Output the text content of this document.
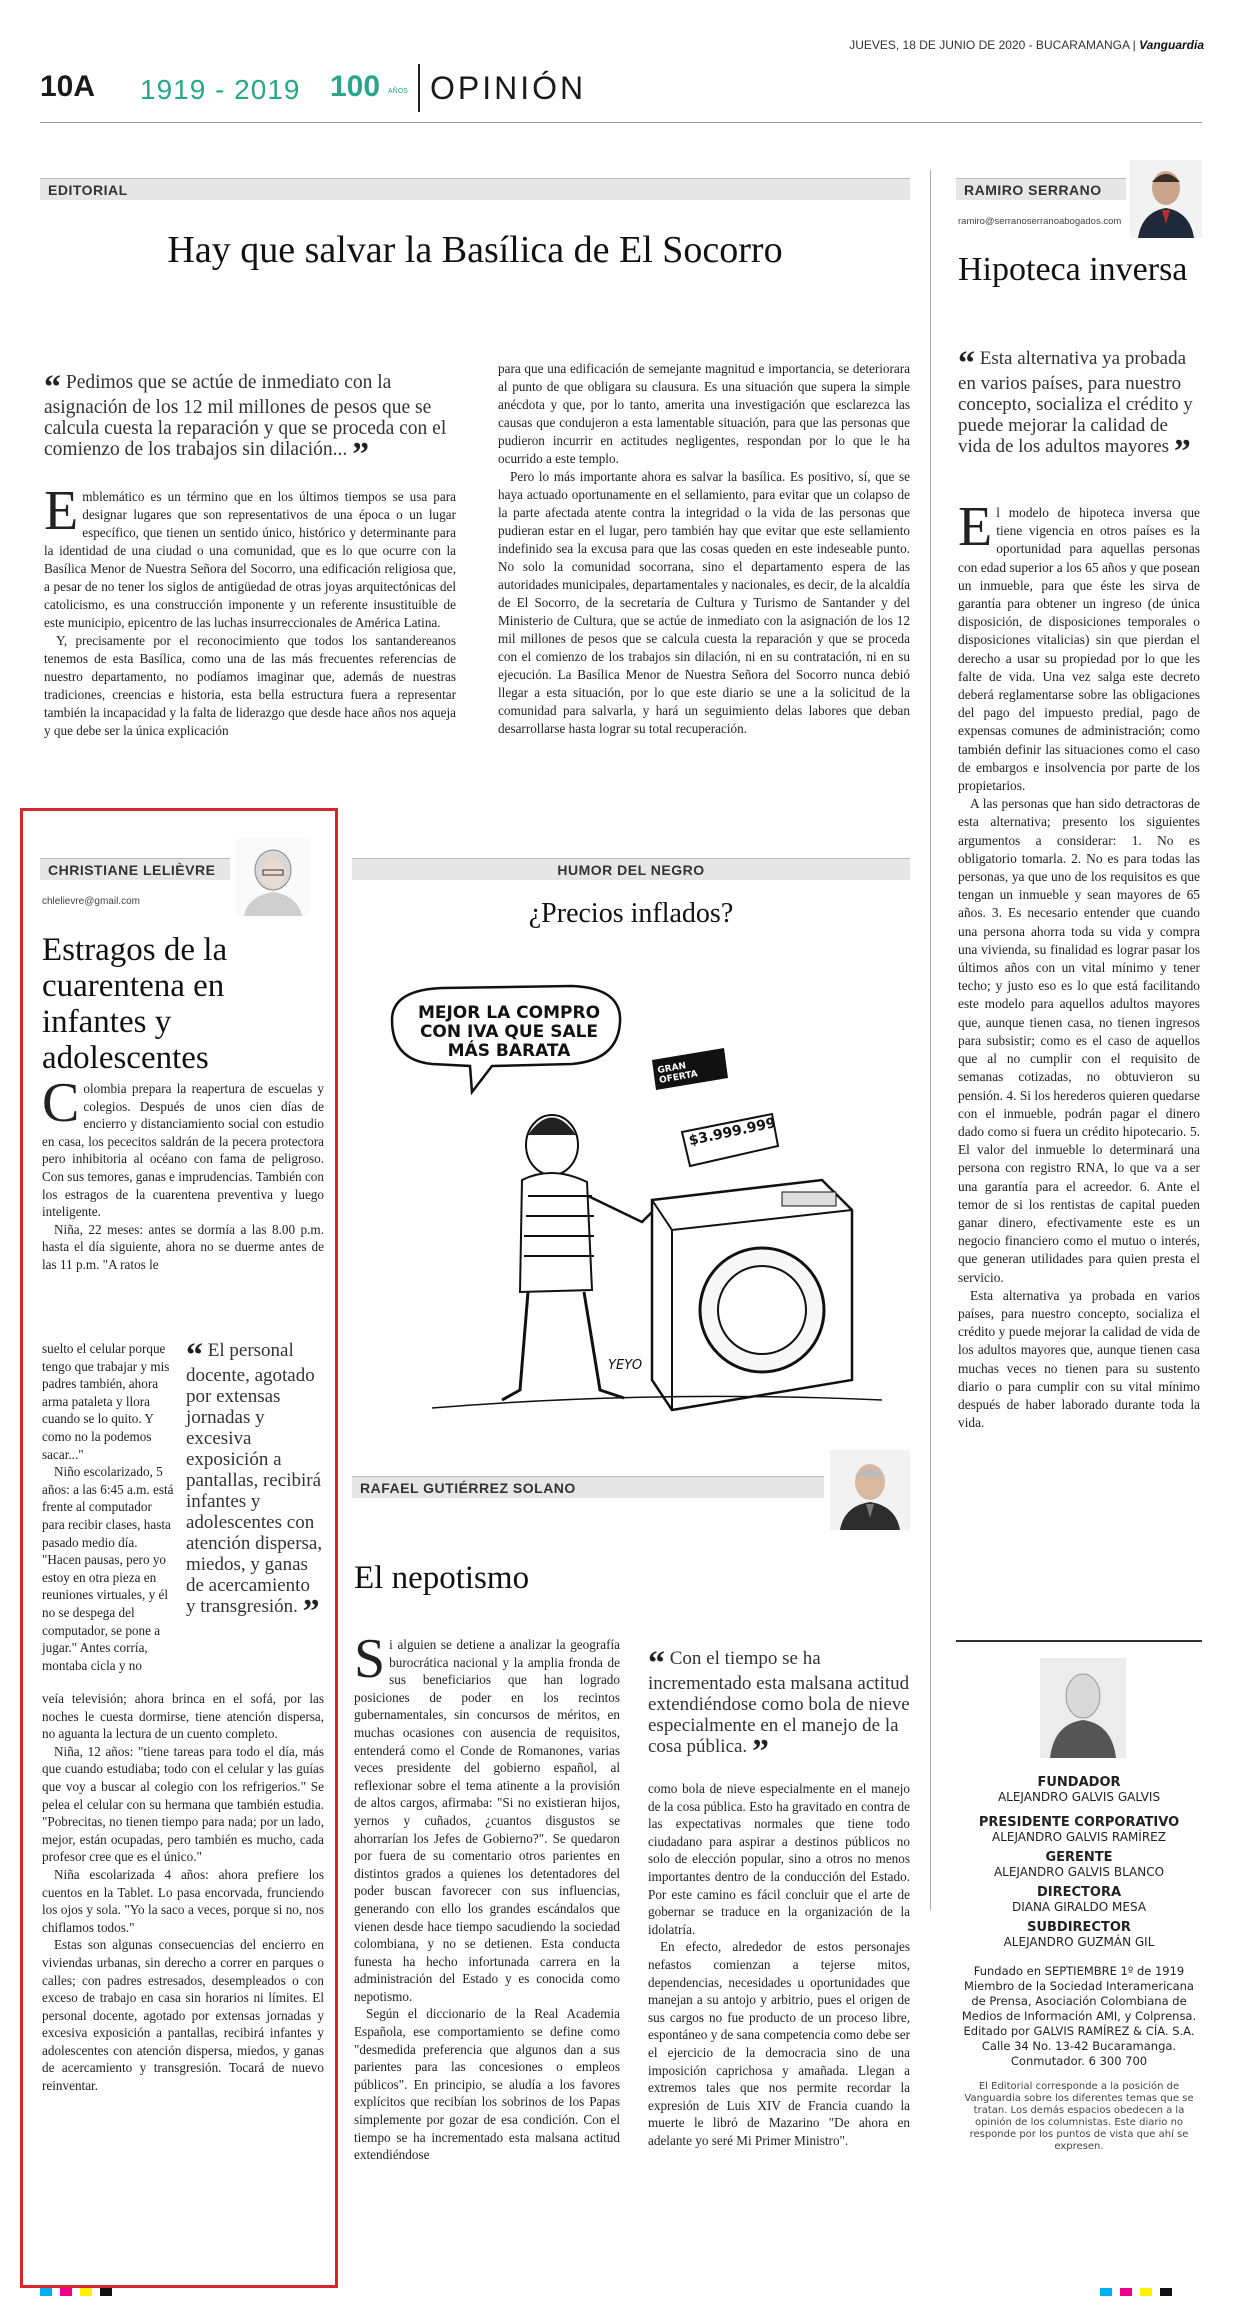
JUEVES, 18 DE JUNIO DE 2020 - BUCARAMANGA | Vanguardia
10A 1919 - 2019 100 AÑOS OPINIÓN
EDITORIAL
Hay que salvar la Basílica de El Socorro
“ Pedimos que se actúe de inmediato con la asignación de los 12 mil millones de pesos que se calcula cuesta la reparación y que se proceda con el comienzo de los trabajos sin dilación... ”

Emblemático es un término que en los últimos tiempos se usa para designar lugares que son representativos de una época o un lugar específico, que tienen un sentido único, histórico y determinante para la identidad de una ciudad o una comunidad, que es lo que ocurre con la Basílica Menor de Nuestra Señora del Socorro, una edificación religiosa que, a pesar de no tener los siglos de antigüedad de otras joyas arquitectónicas del catolicismo, es una construcción imponente y un referente insustituible de este municipio, epicentro de las luchas insurreccionales de América Latina.

Y, precisamente por el reconocimiento que todos los santandereanos tenemos de esta Basílica, como una de las más frecuentes referencias de nuestro departamento, no podíamos imaginar que, además de nuestras tradiciones, creencias e historia, esta bella estructura fuera a representar también la incapacidad y la falta de liderazgo que desde hace años nos aqueja y que debe ser la única explicación

para que una edificación de semejante magnitud e importancia, se deteriorara al punto de que obligara su clausura. Es una situación que supera la simple anécdota y que, por lo tanto, amerita una investigación que esclarezca las causas que condujeron a esta lamentable situación, para que las personas que pudieron incurrir en actitudes negligentes, respondan por lo que le ha ocurrido a este templo.

Pero lo más importante ahora es salvar la basílica. Es positivo, sí, que se haya actuado oportunamente en el sellamiento, para evitar que un colapso de la parte afectada atente contra la integridad o la vida de las personas que pudieran estar en el lugar, pero también hay que evitar que este sellamiento indefinido sea la excusa para que las cosas queden en este indeseable punto. No solo la comunidad socorrana, sino el departamento espera de las autoridades municipales, departamentales y nacionales, es decir, de la alcaldía de El Socorro, de la secretaría de Cultura y Turismo de Santander y del Ministerio de Cultura, que se actúe de inmediato con la asignación de los 12 mil millones de pesos que se calcula cuesta la reparación y que se proceda con el comienzo de los trabajos sin dilación, ni en su contratación, ni en su ejecución. La Basílica Menor de Nuestra Señora del Socorro nunca debió llegar a esta situación, por lo que este diario se une a la solicitud de la comunidad para salvarla, y hará un seguimiento delas labores que deban desarrollarse hasta lograr su total recuperación.

RAMIRO SERRANO
ramiro@serranoserranoabogados.com
Hipoteca inversa
“ Esta alternativa ya probada en varios países, para nuestro concepto, socializa el crédito y puede mejorar la calidad de vida de los adultos mayores ”

El modelo de hipoteca inversa que tiene vigencia en otros países es la oportunidad para aquellas personas con edad superior a los 65 años y que posean un inmueble, para que éste les sirva de garantía para obtener un ingreso (de única disposición, de disposiciones temporales o disposiciones vitalicias) sin que pierdan el derecho a usar su propiedad por lo que les falte de vida. Una vez salga este decreto deberá reglamentarse sobre las obligaciones del pago del impuesto predial, pago de expensas comunes de administración; como también definir las situaciones como el caso de embargos e insolvencia por parte de los propietarios.

A las personas que han sido detractoras de esta alternativa; presento los siguientes argumentos a considerar: 1. No es obligatorio tomarla. 2. No es para todas las personas, ya que uno de los requisitos es que tengan un inmueble y sean mayores de 65 años. 3. Es necesario entender que cuando una persona ahorra toda su vida y compra una vivienda, su finalidad es lograr pasar los últimos años con un vital mínimo y tener techo; y justo eso es lo que está facilitando este modelo para aquellos adultos mayores que, aunque tienen casa, no tienen ingresos para subsistir; como es el caso de aquellos que al no cumplir con el requisito de semanas cotizadas, no obtuvieron su pensión. 4. Si los herederos quieren quedarse con el inmueble, podrán pagar el dinero dado como si fuera un crédito hipotecario. 5. El valor del inmueble lo determinará una persona con registro RNA, lo que va a ser una garantía para el acreedor. 6. Ante el temor de si los rentistas de capital pueden ganar dinero, efectivamente este es un negocio financiero como el mutuo o interés, que generan utilidades para quien presta el servicio.

Esta alternativa ya probada en varios países, para nuestro concepto, socializa el crédito y puede mejorar la calidad de vida de los adultos mayores que, aunque tienen casa muchas veces no tienen para su sustento diario o para cumplir con su vital mínimo después de haber laborado durante toda la vida.

FUNDADOR
ALEJANDRO GALVIS GALVIS
PRESIDENTE CORPORATIVO
ALEJANDRO GALVIS RAMÍREZ
GERENTE
ALEJANDRO GALVIS BLANCO
DIRECTORA
DIANA GIRALDO MESA
SUBDIRECTOR
ALEJANDRO GUZMÁN GIL
Fundado en SEPTIEMBRE 1º de 1919
Miembro de la Sociedad Interamericana de Prensa, Asociación Colombiana de Medios de Información AMI, y Colprensa.
Editado por GALVIS RAMÍREZ & CÍA. S.A.
Calle 34 No. 13-42 Bucaramanga.
Conmutador. 6 300 700
El Editorial corresponde a la posición de Vanguardia sobre los diferentes temas que se tratan. Los demás espacios obedecen a la opinión de los columnistas. Este diario no responde por los puntos de vista que ahí se expresen.
CHRISTIANE LELIÈVRE
chlelievre@gmail.com
Estragos de la cuarentena en infantes y adolescentes

Colombia prepara la reapertura de escuelas y colegios. Después de unos cien días de encierro y distanciamiento social con estudio en casa, los pececitos saldrán de la pecera protectora pero inhibitoria al océano con fama de peligroso. Con sus temores, ganas e imprudencias. También con los estragos de la cuarentena preventiva y luego inteligente.

Niña, 22 meses: antes se dormía a las 8.00 p.m. hasta el día siguiente, ahora no se duerme antes de las 11 p.m. "A ratos le

suelto el celular porque tengo que trabajar y mis padres también, ahora arma pataleta y llora cuando se lo quito. Y como no la podemos sacar..."

Niño escolarizado, 5 años: a las 6:45 a.m. está frente al computador para recibir clases, hasta pasado medio día. "Hacen pausas, pero yo estoy en otra pieza en reuniones virtuales, y él no se despega del computador, se pone a jugar." Antes corría, montaba cicla y no

“ El personal docente, agotado por extensas jornadas y excesiva exposición a pantallas, recibirá infantes y adolescentes con atención dispersa, miedos, y ganas de acercamiento y transgresión. ”

veía televisión; ahora brinca en el sofá, por las noches le cuesta dormirse, tiene atención dispersa, no aguanta la lectura de un cuento completo.

Niña, 12 años: "tiene tareas para todo el día, más que cuando estudiaba; todo con el celular y las guías que voy a buscar al colegio con los refrigerios." Se pelea el celular con su hermana que también estudia. "Pobrecitas, no tienen tiempo para nada; por un lado, mejor, están ocupadas, pero también es mucho, cada profesor cree que es el único."

Niña escolarizada 4 años: ahora prefiere los cuentos en la Tablet. Lo pasa encorvada, frunciendo los ojos y sola. "Yo la saco a veces, porque si no, nos chiflamos todos."

Estas son algunas consecuencias del encierro en viviendas urbanas, sin derecho a correr en parques o calles; con padres estresados, desempleados o con exceso de trabajo en casa sin horarios ni límites. El personal docente, agotado por extensas jornadas y excesiva exposición a pantallas, recibirá infantes y adolescentes con atención dispersa, miedos, y ganas de acercamiento y transgresión. Tocará de nuevo reinventar.

HUMOR DEL NEGRO
¿Precios inflados?
MEJOR LA COMPRO CON IVA QUE SALE MÁS BARATA
$3.999.999
GRAN OFERTA
YEYO
RAFAEL GUTIÉRREZ SOLANO
El nepotismo

Si alguien se detiene a analizar la geografía burocrática nacional y la amplia fronda de sus beneficiarios que han logrado posiciones de poder en los recintos gubernamentales, sin concursos de méritos, en muchas ocasiones con ausencia de requisitos, entenderá como el Conde de Romanones, varias veces presidente del gobierno español, al reflexionar sobre el tema atinente a la provisión de altos cargos, afirmaba: "Si no existieran hijos, yernos y cuñados, ¿cuantos disgustos se ahorrarían los Jefes de Gobierno?". Se quedaron por fuera de su comentario otros parientes en distintos grados a quienes los detentadores del poder buscan favorecer con sus influencias, generando con ello los grandes escándalos que vienen desde hace tiempo sacudiendo la sociedad colombiana, y no se detienen. Esta conducta funesta ha hecho infortunada carrera en la administración del Estado y es conocida como nepotismo.

Según el diccionario de la Real Academia Española, ese comportamiento se define como "desmedida preferencia que algunos dan a sus parientes para las concesiones o empleos públicos". En principio, se aludía a los favores explícitos que recibían los sobrinos de los Papas simplemente por gozar de esa condición. Con el tiempo se ha incrementado esta malsana actitud extendiéndose

“ Con el tiempo se ha incrementado esta malsana actitud extendiéndose como bola de nieve especialmente en el manejo de la cosa pública. ”

como bola de nieve especialmente en el manejo de la cosa pública. Esto ha gravitado en contra de las expectativas normales que tiene todo ciudadano para aspirar a destinos públicos no solo de elección popular, sino a otros no menos importantes dentro de la conducción del Estado. Por este camino es fácil concluir que el arte de gobernar se traduce en la organización de la idolatría.

En efecto, alrededor de estos personajes nefastos comienzan a tejerse mitos, dependencias, necesidades u oportunidades que manejan a su antojo y arbitrio, pues el origen de sus cargos no fue producto de un proceso libre, espontáneo y de sana competencia como debe ser el ejercicio de la democracia sino de una imposición caprichosa y amañada. Llegan a extremos tales que nos permite recordar la expresión de Luis XIV de Francia cuando la muerte le libró de Mazarino "De ahora en adelante yo seré Mi Primer Ministro".
